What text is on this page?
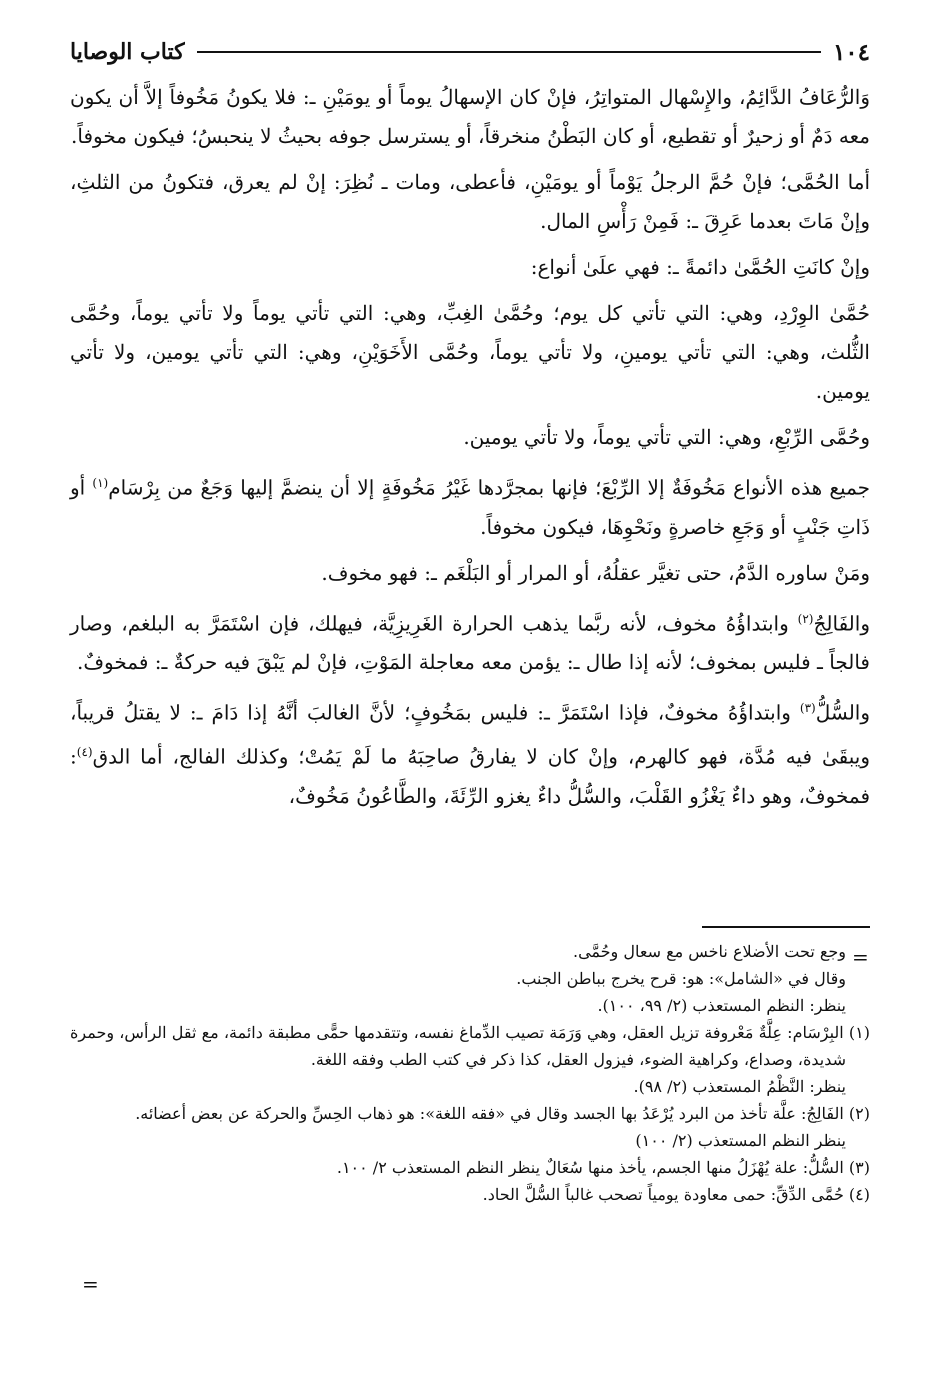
١٠٤
كتاب الوصايا

وَالرُّعَافُ الدَّائِمُ، والإِسْهال المتواتِرُ، فإنْ كان الإسهالُ يوماً أو يومَيْنِ ـ: فلا يكونُ مَخُوفاً إلاَّ أن يكون معه دَمٌ أو زحيرٌ أو تقطيع، أو كان البَطْنُ منخرقاً، أو يسترسل جوفه بحيثُ لا ينحبسُ؛ فيكون مخوفاً.

أما الحُمَّى؛ فإنْ حُمَّ الرجلُ يَوْماً أو يومَيْنِ، فأعطى، ومات ـ نُظِرَ: إنْ لم يعرق، فتكونُ من الثلثِ، وإنْ مَاتَ بعدما عَرِقَ ـ: فَمِنْ رَأْسِ المال.

وإنْ كانَتِ الحُمَّىٰ دائمةً ـ: فهي علَىٰ أنواع:

حُمَّىٰ الوِرْدِ، وهي: التي تأتي كل يوم؛ وحُمَّىٰ الغِبِّ، وهي: التي تأتي يوماً ولا تأتي يوماً، وحُمَّى الثُّلث، وهي: التي تأتي يومينِ، ولا تأتي يوماً، وحُمَّى الأَخَوَيْنِ، وهي: التي تأتي يومين، ولا تأتي يومين.

وحُمَّى الرِّبْعِ، وهي: التي تأتي يوماً، ولا تأتي يومين.

جميع هذه الأنواع مَخُوفَةٌ إلا الرِّبْعَ؛ فإنها بمجرَّدها غَيْرُ مَخُوفَةٍ إلا أن ينضمَّ إليها وَجَعٌ من بِرْسَام$^{(١)}$ أو ذَاتِ جَنْبٍ أو وَجَعِ خاصرةٍ ونَحْوِهَا، فيكون مخوفاً.

ومَنْ ساوره الدَّمُ، حتى تغيَّر عقلُهُ، أو المرار أو البَلْغَم ـ: فهو مخوف.

والفَالِجُ$^{(٢)}$ وابتداؤُهُ مخوف، لأنه ربَّما يذهب الحرارة الغَرِيزِيَّة، فيهلك، فإن اسْتَمَرَّ به البلغم، وصار فالجاً ـ فليس بمخوف؛ لأنه إذا طال ـ: يؤمن معه معاجلة المَوْتِ، فإنْ لم يَبْقَ فيه حركةٌ ـ: فمخوفٌ.

والسُّلُّ$^{(٣)}$ وابتداؤُهُ مخوفٌ، فإذا اسْتَمَرَّ ـ: فليس بمَخُوفٍ؛ لأنَّ الغالبَ أنَّهُ إذا دَامَ ـ: لا يقتلُ قريباً، ويبقَىٰ فيه مُدَّة، فهو كالهرم، وإنْ كان لا يفارقُ صاحِبَهُ ما لَمْ يَمُتْ؛ وكذلك الفالج، أما الدق$^{(٤)}$: فمخوفٌ، وهو داءٌ يَغْزُو القَلْبَ، والسُّلُّ داءٌ يغزو الرِّئَةَ، والطَّاعُونُ مَخُوفٌ،

=

وجع تحت الأضلاع ناخس مع سعال وحُمَّى.

وقال في «الشامل»: هو: قرح يخرج بباطن الجنب.

ينظر: النظم المستعذب (٢/ ٩٩، ١٠٠).

(١) البِرْسَام: عِلَّةٌ مَعْروفة تزيل العقل، وهي وَرَمَة تصيب الدِّماغ نفسه، وتتقدمها حمًّى مطبقة دائمة، مع ثقل الرأس، وحمرة شديدة، وصداع، وكراهية الضوء، فيزول العقل، كذا ذكر في كتب الطب وفقه اللغة.

ينظر: النَّظْمُ المستعذب (٢/ ٩٨).

(٢) الفَالِجُ: علَّة تأخذ من البرد يُرْعَدُ بها الجسد وقال في «فقه اللغة»: هو ذهاب الحِسِّ والحركة عن بعض أعضائه.

ينظر النظم المستعذب (٢/ ١٠٠)

(٣) السُّلُّ: علة يُهْزَلُ منها الجسم، يأخذ منها سُعَالٌ ينظر النظم المستعذب ٢/ ١٠٠.

(٤) حُمَّى الدِّقِّ: حمى معاودة يومياً تصحب غالباً السُّلَّ الحاد.

=
